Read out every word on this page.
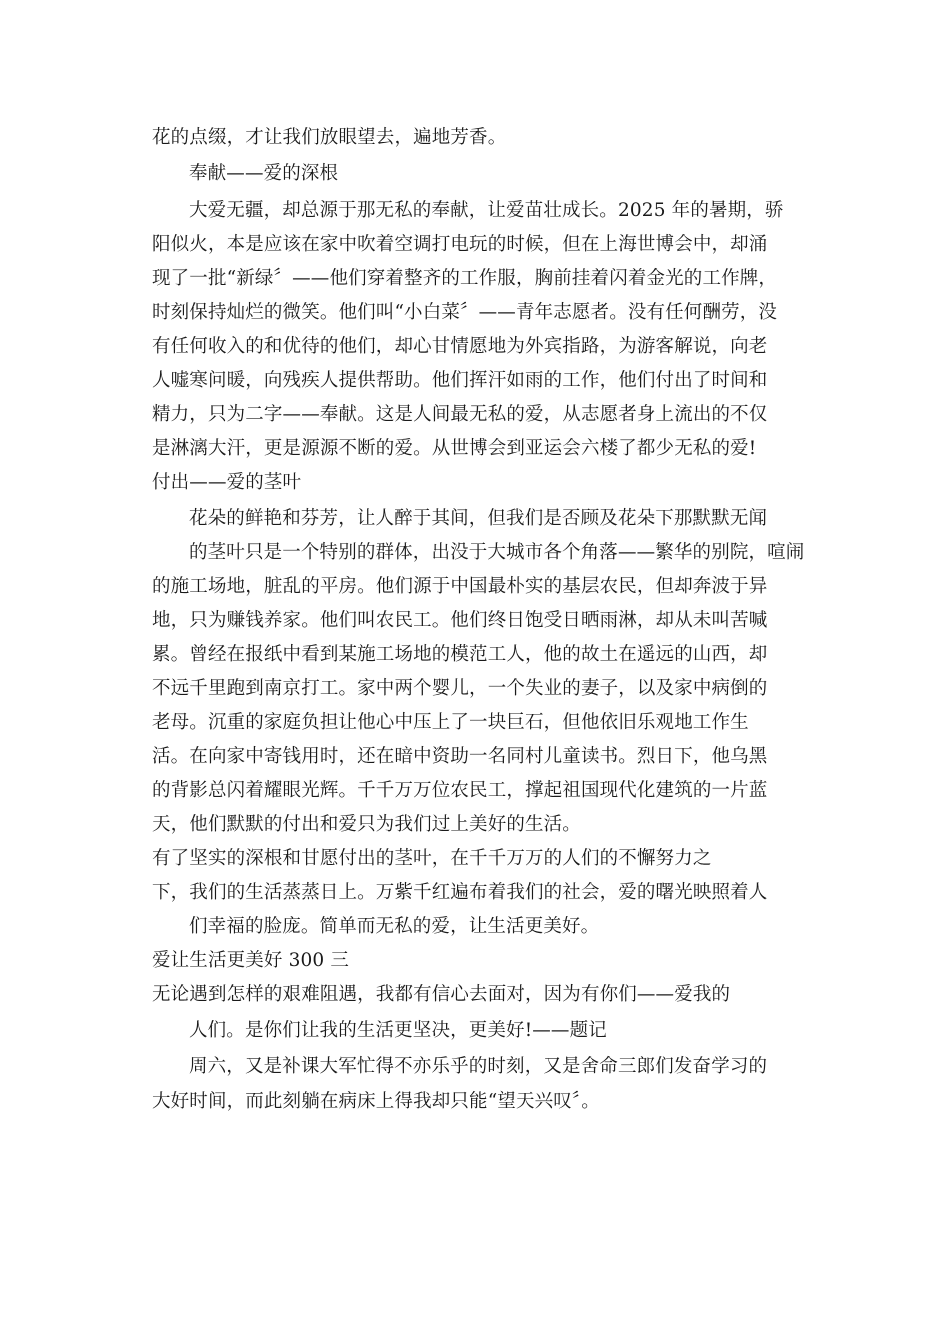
花的点缀，才让我们放眼望去，遍地芳香。
奉献——爱的深根
大爱无疆，却总源于那无私的奉献，让爱苗壮成长。2025 年的暑期，骄
阳似火，本是应该在家中吹着空调打电玩的时候，但在上海世博会中，却涌
现了一批“新绿〞——他们穿着整齐的工作服，胸前挂着闪着金光的工作牌，
时刻保持灿烂的微笑。他们叫“小白菜〞——青年志愿者。没有任何酬劳，没
有任何收入的和优待的他们，却心甘情愿地为外宾指路，为游客解说，向老
人嘘寒问暖，向残疾人提供帮助。他们挥汗如雨的工作，他们付出了时间和
精力，只为二字——奉献。这是人间最无私的爱，从志愿者身上流出的不仅
是淋漓大汗，更是源源不断的爱。从世博会到亚运会六楼了都少无私的爱!
付出——爱的茎叶
花朵的鲜艳和芬芳，让人醉于其间，但我们是否顾及花朵下那默默无闻
的茎叶只是一个特别的群体，出没于大城市各个角落——繁华的别院，喧闹
的施工场地，脏乱的平房。他们源于中国最朴实的基层农民，但却奔波于异
地，只为赚钱养家。他们叫农民工。他们终日饱受日晒雨淋，却从未叫苦喊
累。曾经在报纸中看到某施工场地的模范工人，他的故土在遥远的山西，却
不远千里跑到南京打工。家中两个婴儿，一个失业的妻子，以及家中病倒的
老母。沉重的家庭负担让他心中压上了一块巨石，但他依旧乐观地工作生
活。在向家中寄钱用时，还在暗中资助一名同村儿童读书。烈日下，他乌黑
的背影总闪着耀眼光辉。千千万万位农民工，撑起祖国现代化建筑的一片蓝
天，他们默默的付出和爱只为我们过上美好的生活。
有了坚实的深根和甘愿付出的茎叶，在千千万万的人们的不懈努力之
下，我们的生活蒸蒸日上。万紫千红遍布着我们的社会，爱的曙光映照着人
们幸福的脸庞。简单而无私的爱，让生活更美好。
爱让生活更美好 300 三
无论遇到怎样的艰难阻遇，我都有信心去面对，因为有你们——爱我的
人们。是你们让我的生活更坚决，更美好!——题记
周六，又是补课大军忙得不亦乐乎的时刻，又是舍命三郎们发奋学习的
大好时间，而此刻躺在病床上得我却只能“望天兴叹〞。
